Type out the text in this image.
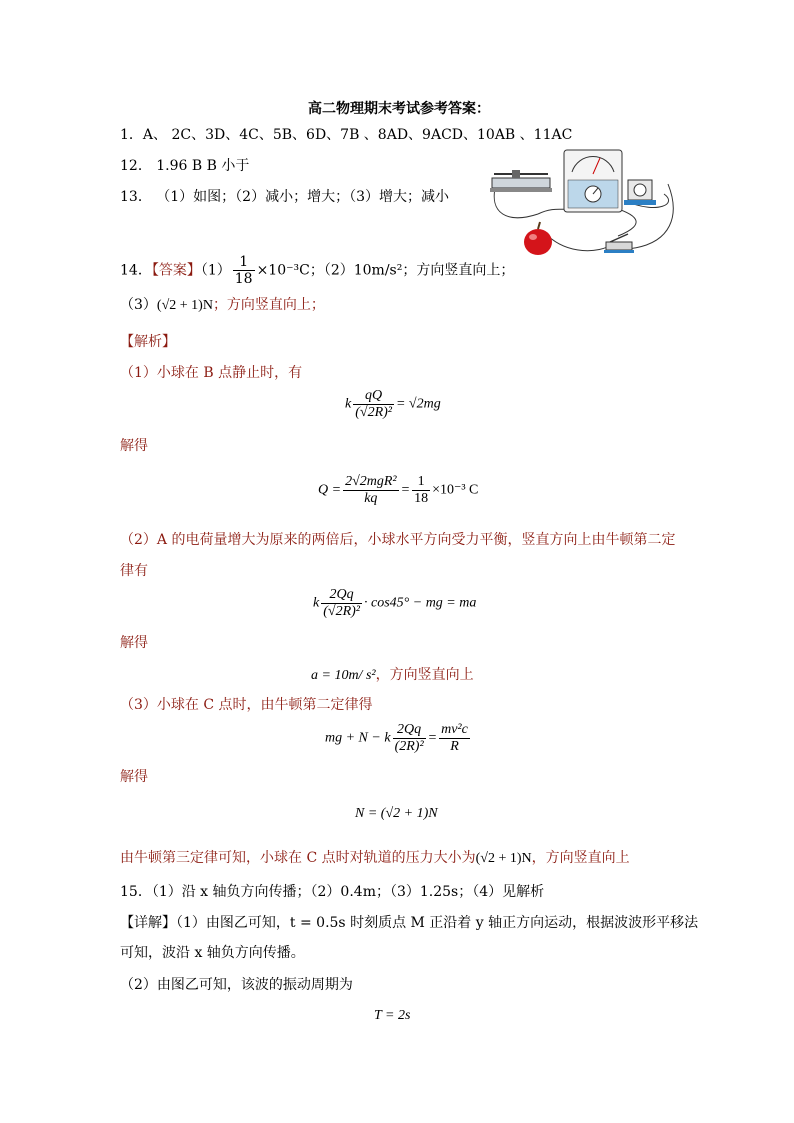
高二物理期末考试参考答案：
1．A、 2C、3D、4C、5B、6D、7B 、8AD、9ACD、10AB 、11AC
12． 1.96 B B 小于
13． （1）如图；（2）减小；增大；（3）增大；减小
14．【答案】$(1) \frac{1}{18} \times 10^{-3}C$；（2）10m/s²；方向竖直向上；
（3）(√2 + 1)N；方向竖直向上；
【解析】
（1）小球在 B 点静止时，有
k $\frac{qQ}{\text{(√2R)²}} = √2mg$
解得
$Q = \frac{\text{2√2mgR²}}{kq} = \frac{1}{18} \times 10^{-3}$ C
（2）A 的电荷量增大为原来的两倍后，小球水平方向受力平衡，竖直方向上由牛顿第二定
律有
k $\frac{2Qq}{\text{(√2R)²}} \cdot \cos 45^\circ$ − mg = ma
解得
a = 10m/ s²，方向竖直向上
（3）小球在 C 点时，由牛顿第二定律得
mg + N − k $\frac{2Qq}{\text{(2R)²}} = \frac{\text{mv²c}}{R}$
解得
N = (√2 + 1)N
由牛顿第三定律可知，小球在 C 点时对轨道的压力大小为(√2 + 1)N，方向竖直向上
15．（1）沿 x 轴负方向传播；（2）0.4m；（3）1.25s；（4）见解析
【详解】（1）由图乙可知，t = 0.5s 时刻质点 M 正沿着 y 轴正方向运动，根据波波形平移法
可知，波沿 x 轴负方向传播。
（2）由图乙可知，该波的振动周期为
T = 2s
